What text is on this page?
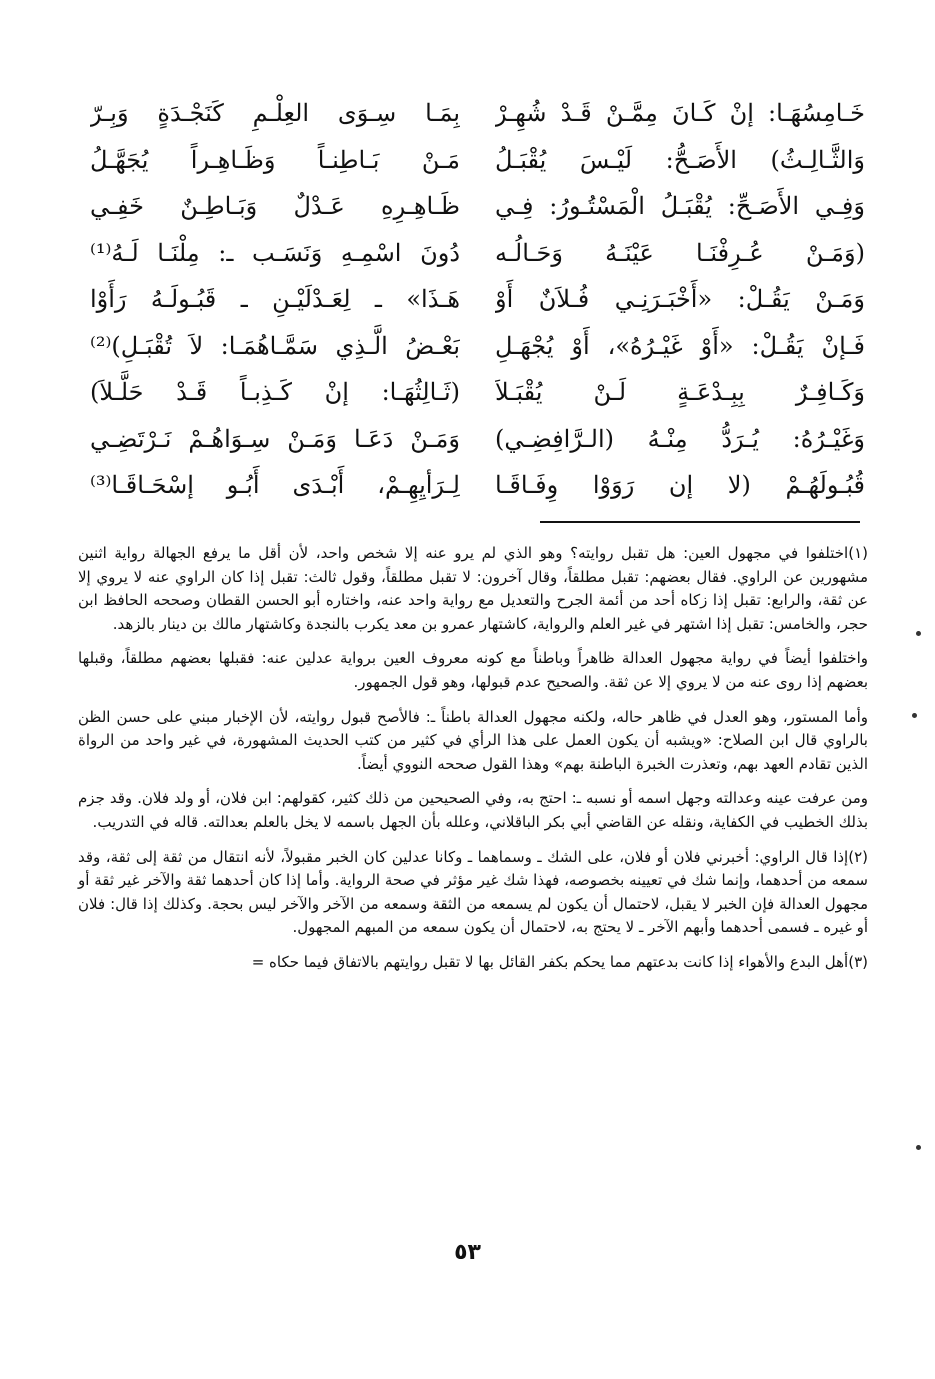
خَـامِسُهَـا: إنْ كَـانَ مِمَّـنْ قَـدْ شُهِـرْ
بِمَـا سِـوَى العِلْـمِ كَنَجْـدَةٍ وَبِـرّ
وَالثَّـالِـثُ) الأَصَـحُّ: لَيْـسَ يُقْبَـلُ
مَـنْ بَـاطِنـاً وَظَـاهِـراً يُجَهَّـلُ
وَفِـي الأَصَـحِّ: يُقْبَـلُ الْمَسْتُـورُ: فِـي
ظَـاهِـرِهِ عَـدْلٌ وَبَـاطِـنٌ خَفِـي
(وَمَـنْ عُـرِفْنَـا عَيْنَـهُ وَحَـالُـه
دُونَ اسْمِـهِ وَنَسَـب ـ: مِلْنَـا لَـهُ⁽¹⁾
وَمَـنْ يَقُـلْ: «أَخْبَـرَنِـي فُـلاَنٌ أَوْ
هَـذَا» ـ لِعَـدْلَيْـنِ ـ قَبُـولَـهُ رَأَوْا
فَـإنْ يَقُـلْ: «أَوْ غَيْـرُهُ»، أَوْ يُجْهَـلِ
بَعْـضُ الَّـذِي سَمَّـاهُمَـا: لاَ تُقْبَـلِ)⁽²⁾
وَكَـافِـرٌ بِبِـدْعَـةٍ لَـنْ يُقْبَـلاَ
(ثَـالِثُهَـا: إنْ كَـذِبـاً قَـدْ حَلَّـلاَ)
وَغَيْـرُهُ: يُـرَدُّ مِنْـهُ (الـرَّافِضِـي)
وَمَـنْ دَعَـا وَمَـنْ سِـوَاهُـمْ نَـرْتَضِـي
قُبُـولَهُـمْ (لا إن رَوَوْا وِفَـاقَـا
لِـرَأيِهِـمْ، أَبْـدَى أَبُـو إسْحَـاقَـا⁽³⁾

(١)اختلفوا في مجهول العين: هل تقبل روايته؟ وهو الذي لم يرو عنه إلا شخص واحد، لأن أقل ما يرفع الجهالة رواية اثنين مشهورين عن الراوي. فقال بعضهم: تقبل مطلقاً، وقال آخرون: لا تقبل مطلقاً، وقول ثالث: تقبل إذا كان الراوي عنه لا يروي إلا عن ثقة، والرابع: تقبل إذا زكاه أحد من أئمة الجرح والتعديل مع رواية واحد عنه، واختاره أبو الحسن القطان وصححه الحافظ ابن حجر، والخامس: تقبل إذا اشتهر في غير العلم والرواية، كاشتهار عمرو بن معد يكرب بالنجدة وكاشتهار مالك بن دينار بالزهد.

واختلفوا أيضاً في رواية مجهول العدالة ظاهراً وباطناً مع كونه معروف العين برواية عدلين عنه: فقبلها بعضهم مطلقاً، وقبلها بعضهم إذا روى عنه من لا يروي إلا عن ثقة. والصحيح عدم قبولها، وهو قول الجمهور.

وأما المستور، وهو العدل في ظاهر حاله، ولكنه مجهول العدالة باطناً ـ: فالأصح قبول روايته، لأن الإخبار مبني على حسن الظن بالراوي قال ابن الصلاح: «ويشبه أن يكون العمل على هذا الرأي في كثير من كتب الحديث المشهورة، في غير واحد من الرواة الذين تقادم العهد بهم، وتعذرت الخبرة الباطنة بهم» وهذا القول صححه النووي أيضاً.

ومن عرفت عينه وعدالته وجهل اسمه أو نسبه ـ: احتج به، وفي الصحيحين من ذلك كثير، كقولهم: ابن فلان، أو ولد فلان. وقد جزم بذلك الخطيب في الكفاية، ونقله عن القاضي أبي بكر الباقلاني، وعلله بأن الجهل باسمه لا يخل بالعلم بعدالته. قاله في التدريب.

(٢)إذا قال الراوي: أخبرني فلان أو فلان، على الشك ـ وسماهما ـ وكانا عدلين كان الخبر مقبولاً، لأنه انتقال من ثقة إلى ثقة، وقد سمعه من أحدهما، وإنما شك في تعيينه بخصوصه، فهذا شك غير مؤثر في صحة الرواية. وأما إذا كان أحدهما ثقة والآخر غير ثقة أو مجهول العدالة فإن الخبر لا يقبل، لاحتمال أن يكون لم يسمعه من الثقة وسمعه من الآخر والآخر ليس بحجة. وكذلك إذا قال: فلان أو غيره ـ فسمى أحدهما وأبهم الآخر ـ لا يحتج به، لاحتمال أن يكون سمعه من المبهم المجهول.

(٣)أهل البدع والأهواء إذا كانت بدعتهم مما يحكم بكفر القائل بها لا تقبل روايتهم بالاتفاق فيما حكاه =

٥٣
